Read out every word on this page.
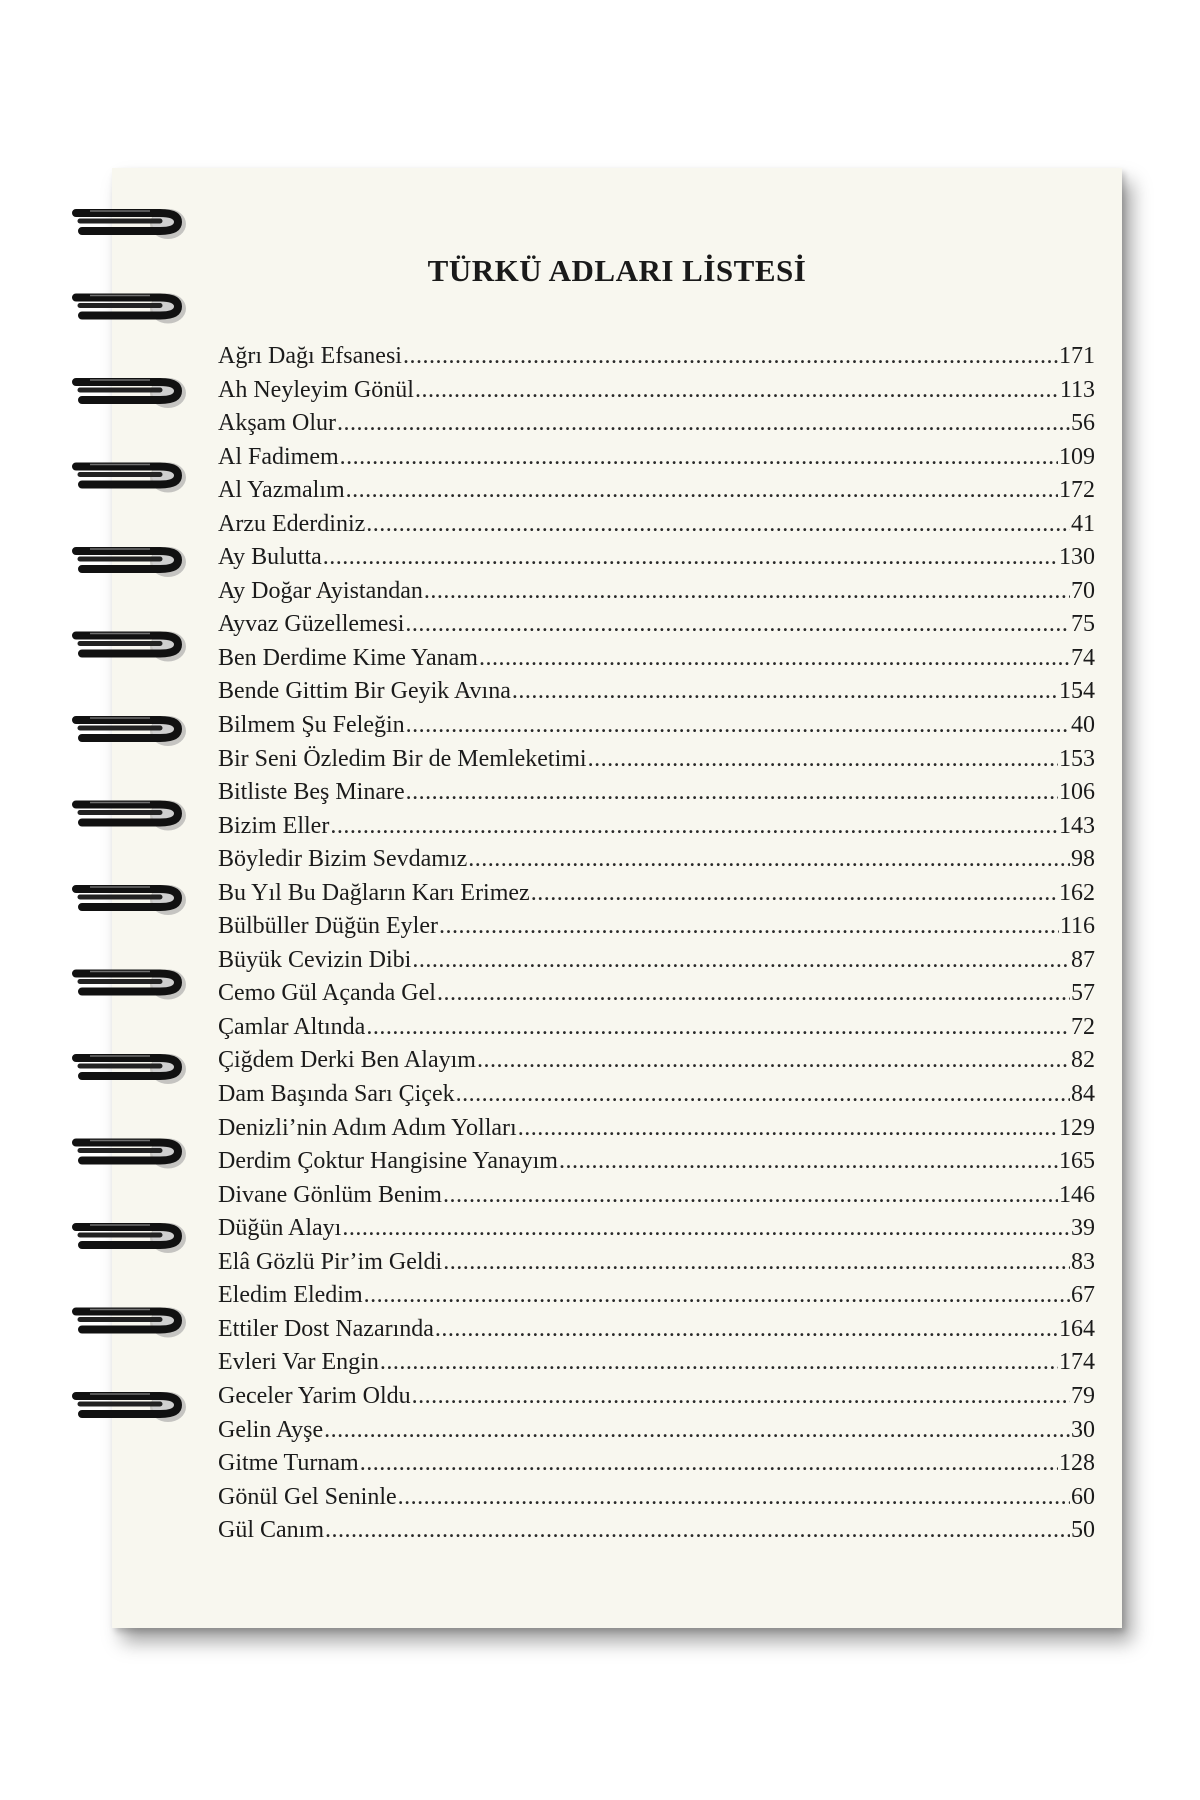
TÜRKÜ ADLARI LİSTESİ
Ağrı Dağı Efsanesi .....	171
Ah Neyleyim Gönül .....	113
Akşam Olur .....	56
Al Fadimem .....	109
Al Yazmalım .....	172
Arzu Ederdiniz .....	41
Ay Bulutta .....	130
Ay Doğar Ayistandan .....	70
Ayvaz Güzellemesi .....	75
Ben Derdime Kime Yanam .....	74
Bende Gittim Bir Geyik Avına .....	154
Bilmem Şu Feleğin .....	40
Bir Seni Özledim Bir de Memleketimi .....	153
Bitliste Beş Minare .....	106
Bizim Eller .....	143
Böyledir Bizim Sevdamız .....	98
Bu Yıl Bu Dağların Karı Erimez .....	162
Bülbüller Düğün Eyler .....	116
Büyük Cevizin Dibi .....	87
Cemo Gül Açanda Gel .....	57
Çamlar Altında .....	72
Çiğdem Derki Ben Alayım .....	82
Dam Başında Sarı Çiçek .....	84
Denizli’nin Adım Adım Yolları .....	129
Derdim Çoktur Hangisine Yanayım .....	165
Divane Gönlüm Benim .....	146
Düğün Alayı .....	39
Elâ Gözlü Pir’im Geldi .....	83
Eledim Eledim .....	67
Ettiler Dost Nazarında .....	164
Evleri Var Engin .....	174
Geceler Yarim Oldu .....	79
Gelin Ayşe .....	30
Gitme Turnam .....	128
Gönül Gel Seninle .....	60
Gül Canım .....	50
